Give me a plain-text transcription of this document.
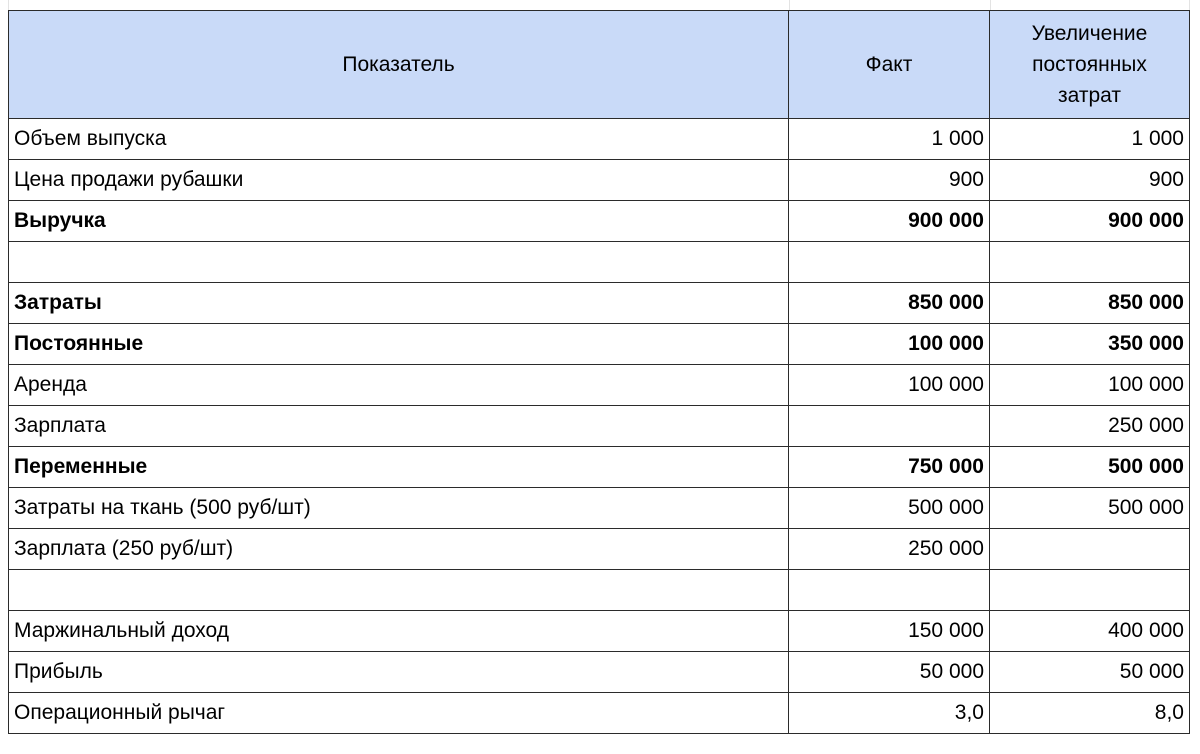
Показатель	Факт	Увеличение постоянных затрат
Объем выпуска	1 000	1 000
Цена продажи рубашки	900	900
Выручка	900 000	900 000

Затраты	850 000	850 000
Постоянные	100 000	350 000
Аренда	100 000	100 000
Зарплата		250 000
Переменные	750 000	500 000
Затраты на ткань (500 руб/шт)	500 000	500 000
Зарплата (250 руб/шт)	250 000	

Маржинальный доход	150 000	400 000
Прибыль	50 000	50 000
Операционный рычаг	3,0	8,0
